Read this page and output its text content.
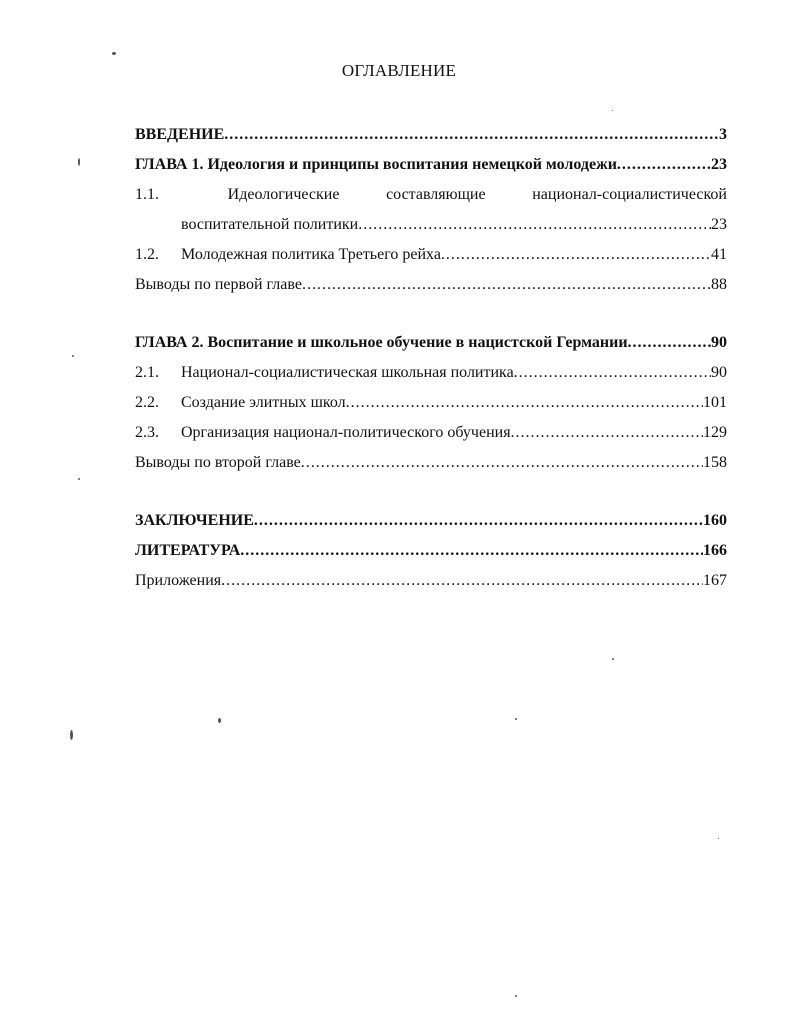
ОГЛАВЛЕНИЕ
ВВЕДЕНИЕ .....	3
ГЛАВА 1. Идеология и принципы воспитания немецкой молодежи .....	23
1.1.	Идеологические	составляющие	национал-социалистической
воспитательной политики .....	23
1.2.	Молодежная политика Третьего рейха .....	41
Выводы по первой главе .....	88
ГЛАВА 2. Воспитание и школьное обучение в нацистской Германии .....	90
2.1.	Национал-социалистическая школьная политика .....	90
2.2.	Создание элитных школ .....	101
2.3.	Организация национал-политического обучения .....	129
Выводы по второй главе .....	158
ЗАКЛЮЧЕНИЕ .....	160
ЛИТЕРАТУРА .....	166
Приложения .....	167
